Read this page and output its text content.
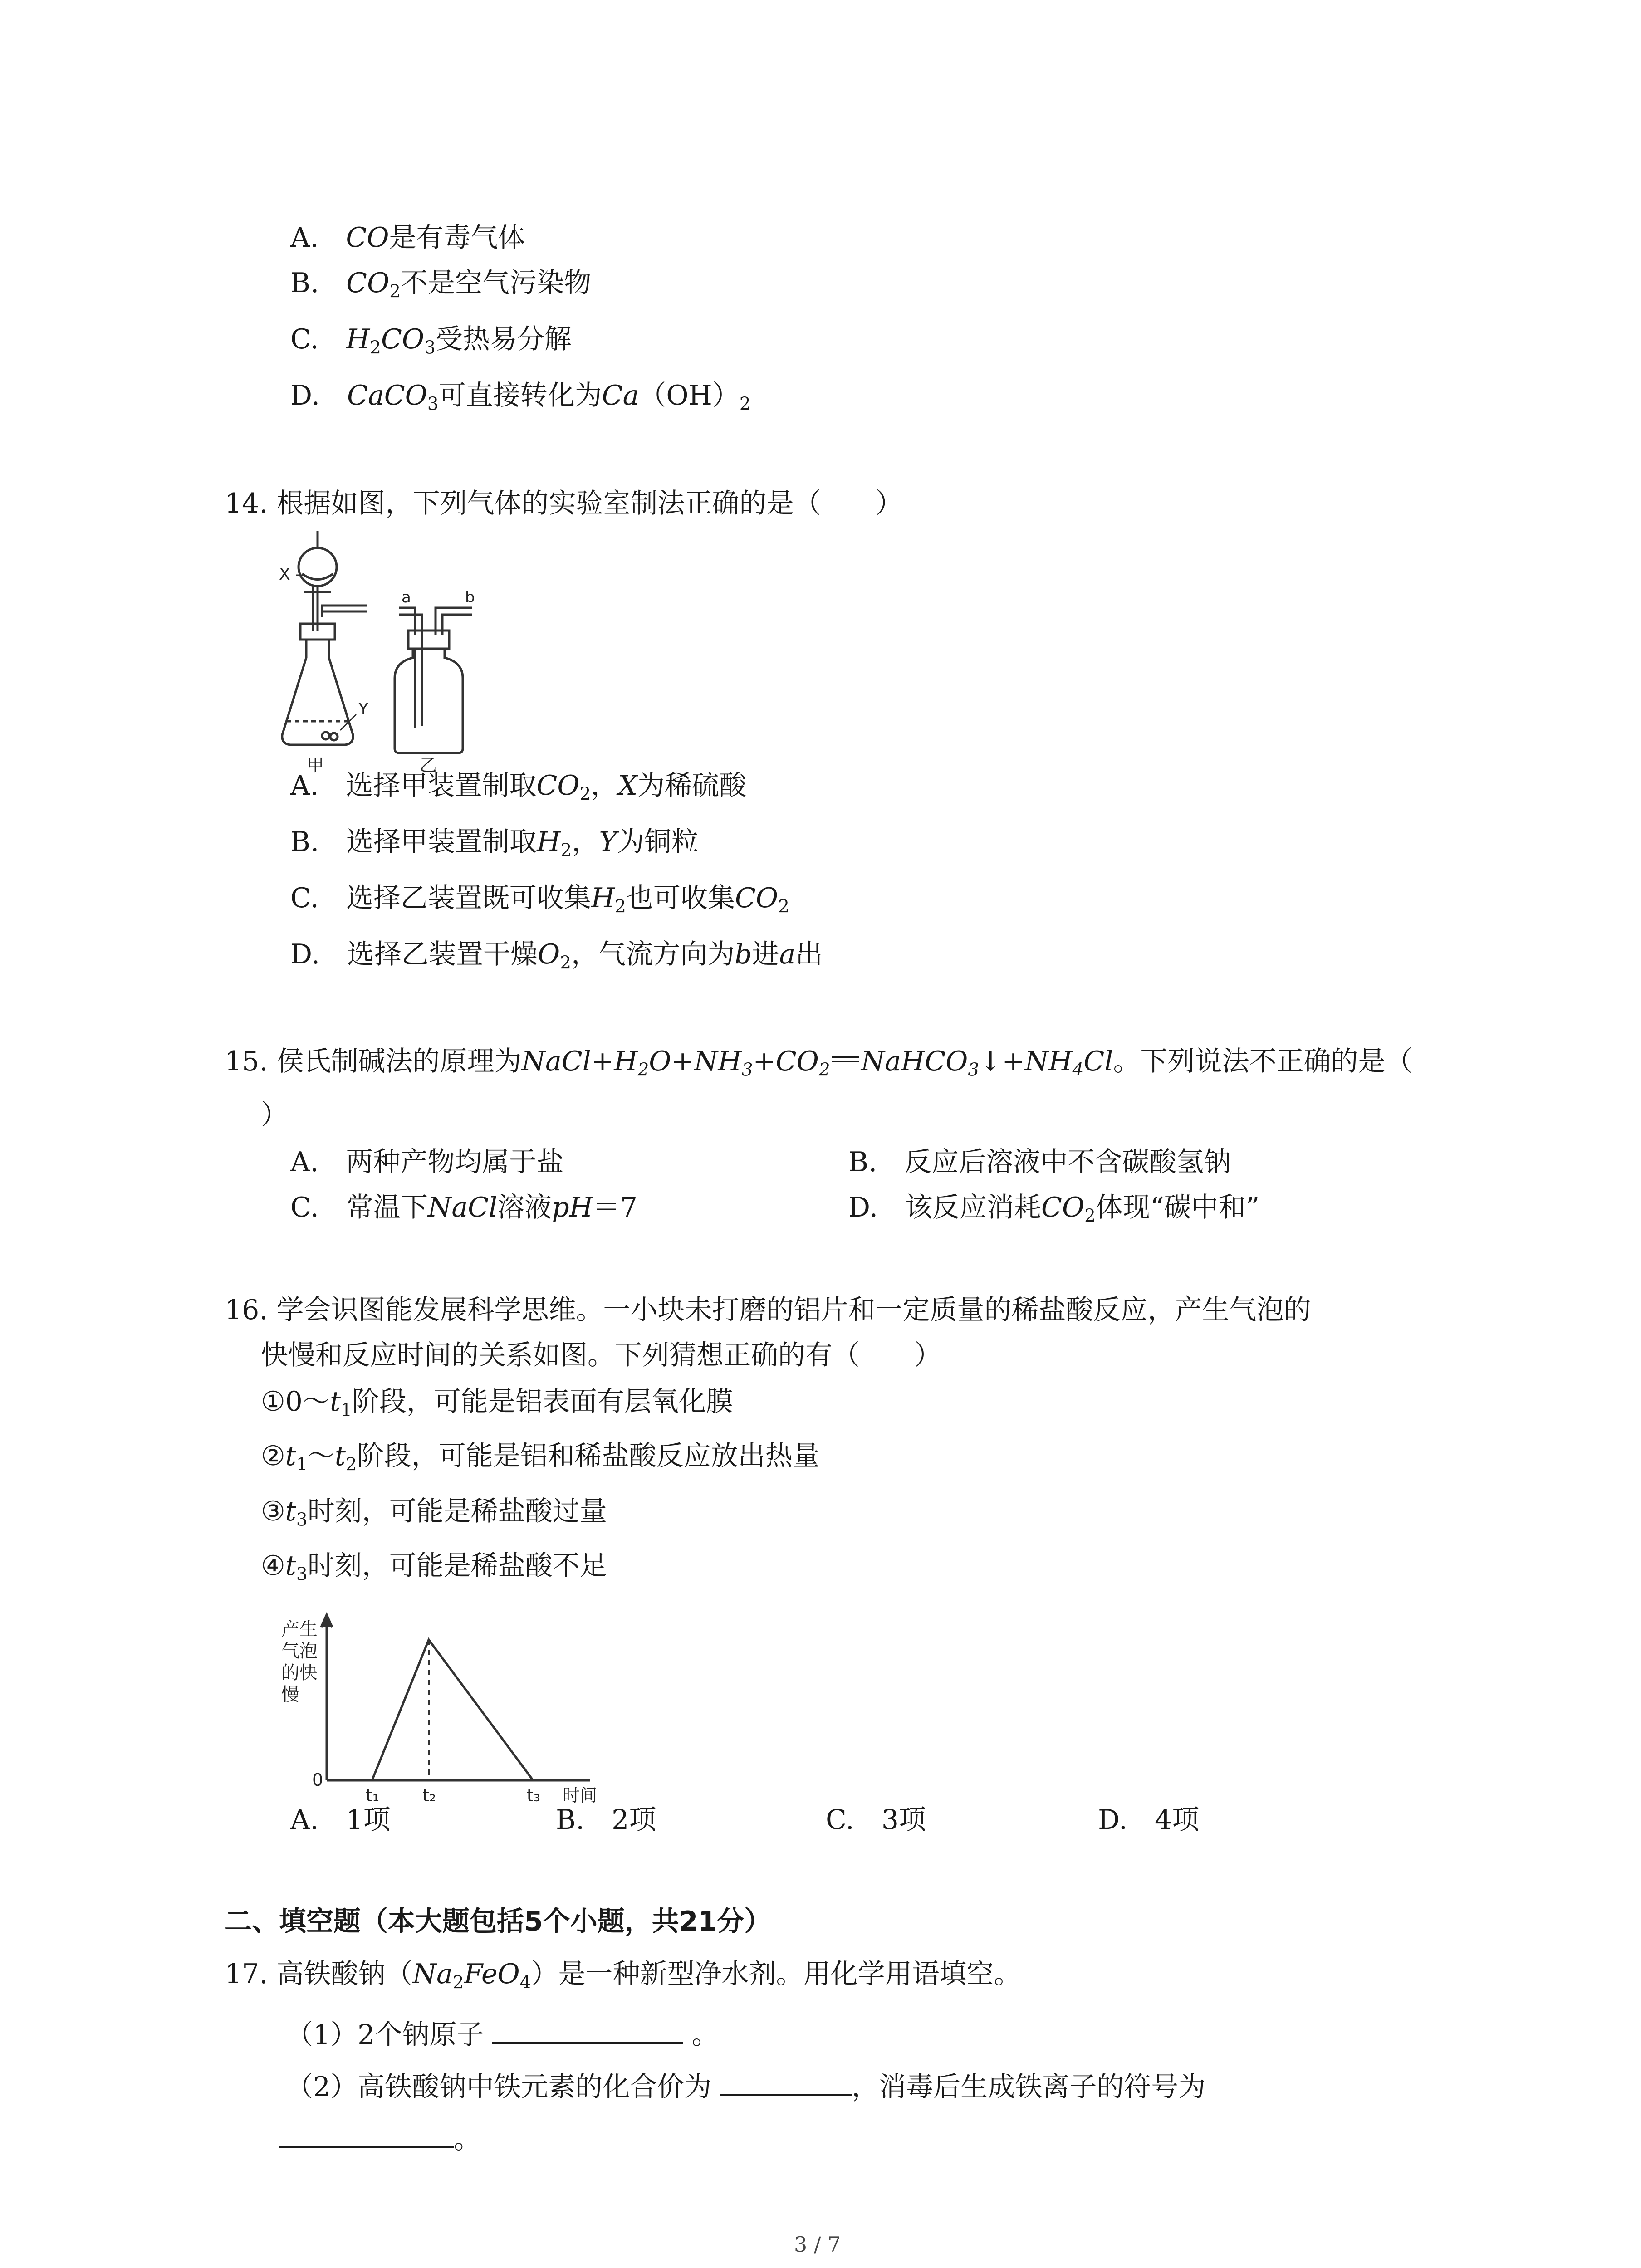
A.　 CO是有毒气体
B.　 $CO_2$不是空气污染物
C.　 $H_2CO_3$受热易分解
D.　 CaCO$_3$可直接转化为$Ca(OH)_2$
14. 根据如图，下列气体的实验室制法正确的是（　　）
X
Y
a	b
甲	乙
A.　 选择甲装置制取$CO_2$，X为稀硫酸
B.　 选择甲装置制取$H_2$，Y为铜粒
C.　 选择乙装置既可收集$H_2$也可收集$CO_2$
D.　 选择乙装置干燥$O_2$，气流方向为b进a出
15. 侯氏制碱法的原理为$NaCl+H_2O+NH_3+CO_2$ $NaHCO_3↓+NH_4Cl$。下列说法不正确的是（
）
A.　 两种产物均属于盐	B.　 反应后溶液中不含碳酸氢钠
C.　 常温下NaCl溶液pH＝7	D.　 该反应消耗$CO_2$体现“碳中和”
16. 学会识图能发展科学思维。一小块未打磨的铝片和一定质量的稀盐酸反应，产生气泡的
快慢和反应时间的关系如图。下列猜想正确的有（　　）
$①0\sim t_1$阶段，可能是铝表面有层氧化膜
$②t_1\sim t_2$阶段，可能是铝和稀盐酸反应放出热量
$③t_3$时刻，可能是稀盐酸过量
$④t_3$时刻，可能是稀盐酸不足
产生
气泡
的快
慢
0
时间
t₁ t₂	t₃
A.　1项	B.　2项	C.　3项	D.　4项
二、填空题（本大题包括5个小题，共21分）
17. 高铁酸钠$(Na_2FeO_4)$是一种新型净水剂。用化学用语填空。
（1）2个钠原子	。
（2）高铁酸钠中铁元素的化合价为	，消毒后生成铁离子的符号为
。
3 / 7
